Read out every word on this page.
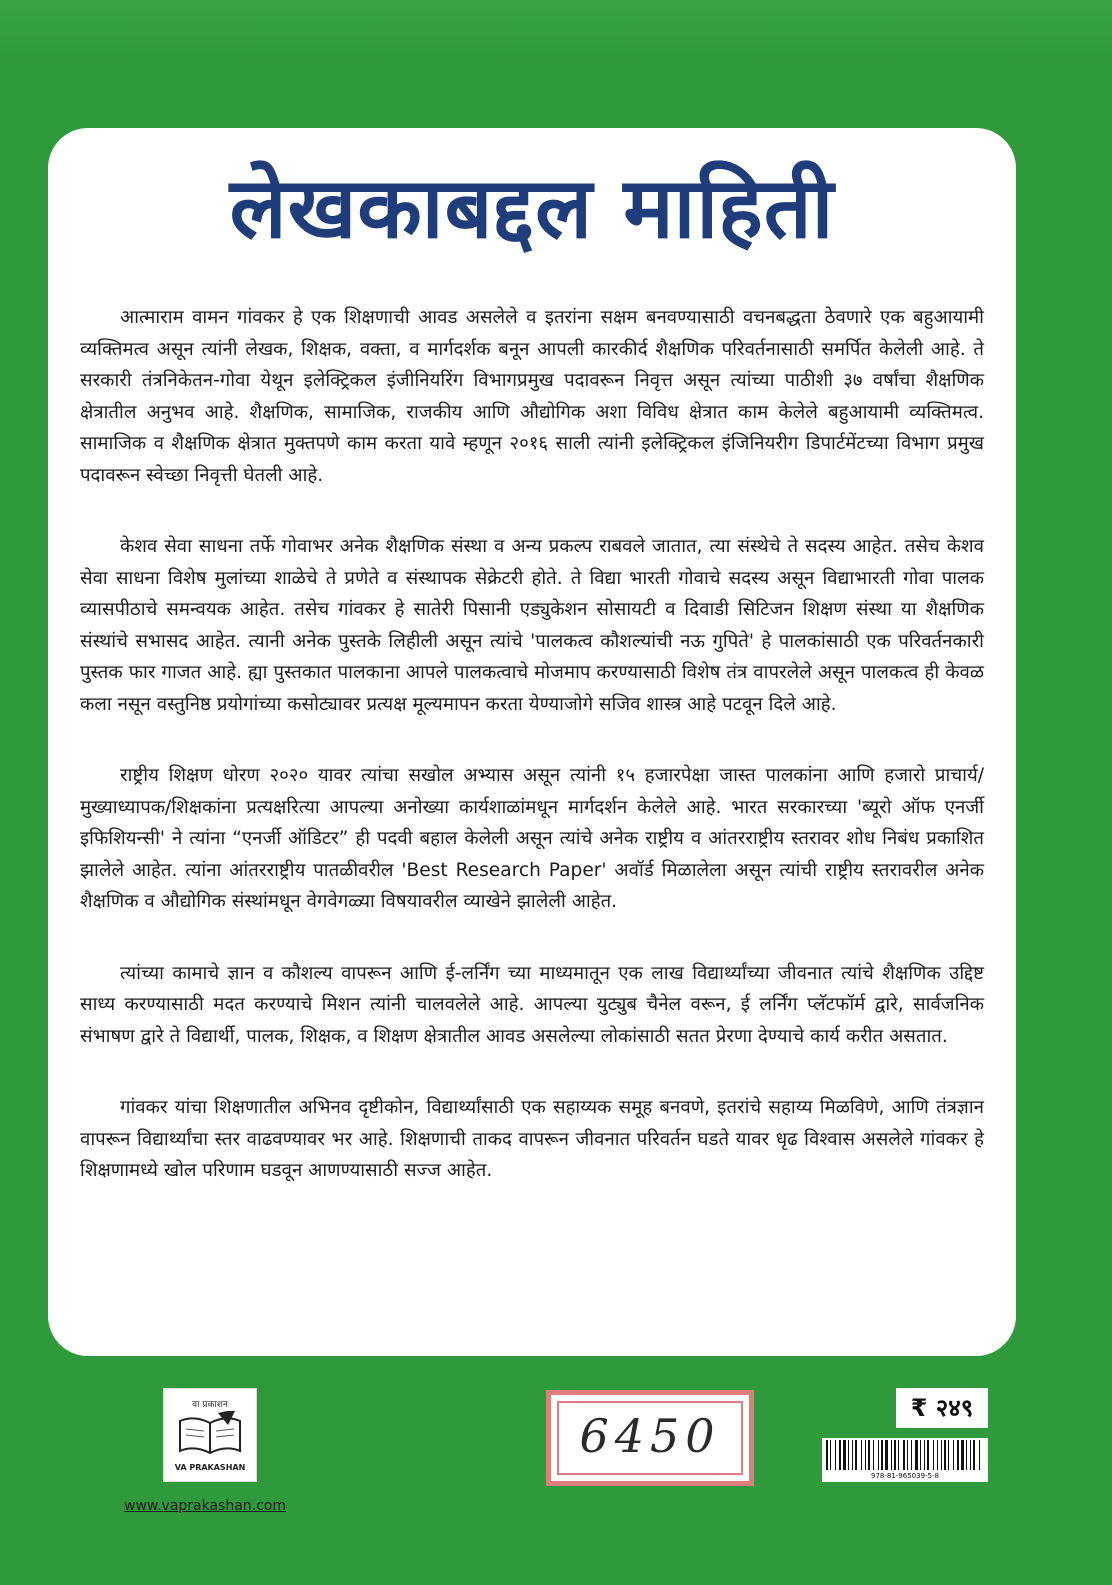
लेखकाबद्दल माहिती

आत्माराम वामन गांवकर हे एक शिक्षणाची आवड असलेले व इतरांना सक्षम बनवण्यासाठी वचनबद्धता ठेवणारे एक बहुआयामी व्यक्तिमत्व असून त्यांनी लेखक, शिक्षक, वक्ता, व मार्गदर्शक बनून आपली कारकीर्द शैक्षणिक परिवर्तनासाठी समर्पित केलेली आहे. ते सरकारी तंत्रनिकेतन-गोवा येथून इलेक्ट्रिकल इंजीनियरिंग विभागप्रमुख पदावरून निवृत्त असून त्यांच्या पाठीशी ३७ वर्षांचा शैक्षणिक क्षेत्रातील अनुभव आहे. शैक्षणिक, सामाजिक, राजकीय आणि औद्योगिक अशा विविध क्षेत्रात काम केलेले बहुआयामी व्यक्तिमत्व. सामाजिक व शैक्षणिक क्षेत्रात मुक्तपणे काम करता यावे म्हणून २०१६ साली त्यांनी इलेक्ट्रिकल इंजिनियरीग डिपार्टमेंटच्या विभाग प्रमुख पदावरून स्वेच्छा निवृत्ती घेतली आहे.

केशव सेवा साधना तर्फे गोवाभर अनेक शैक्षणिक संस्था व अन्य प्रकल्प राबवले जातात, त्या संस्थेचे ते सदस्य आहेत. तसेच केशव सेवा साधना विशेष मुलांच्या शाळेचे ते प्रणेते व संस्थापक सेक्रेटरी होते. ते विद्या भारती गोवाचे सदस्य असून विद्याभारती गोवा पालक व्यासपीठाचे समन्वयक आहेत. तसेच गांवकर हे सातेरी पिसानी एड्युकेशन सोसायटी व दिवाडी सिटिजन शिक्षण संस्था या शैक्षणिक संस्थांचे सभासद आहेत. त्यानी अनेक पुस्तके लिहीली असून त्यांचे 'पालकत्व कौशल्यांची नऊ गुपिते' हे पालकांसाठी एक परिवर्तनकारी पुस्तक फार गाजत आहे. ह्या पुस्तकात पालकाना आपले पालकत्वाचे मोजमाप करण्यासाठी विशेष तंत्र वापरलेले असून पालकत्व ही केवळ कला नसून वस्तुनिष्ठ प्रयोगांच्या कसोट्यावर प्रत्यक्ष मूल्यमापन करता येण्याजोगे सजिव शास्त्र आहे पटवून दिले आहे.

राष्ट्रीय शिक्षण धोरण २०२० यावर त्यांचा सखोल अभ्यास असून त्यांनी १५ हजारपेक्षा जास्त पालकांना आणि हजारो प्राचार्य/मुख्याध्यापक/शिक्षकांना प्रत्यक्षरित्या आपल्या अनोख्या कार्यशाळांमधून मार्गदर्शन केलेले आहे. भारत सरकारच्या 'ब्यूरो ऑफ एनर्जी इफिशियन्सी' ने त्यांना “एनर्जी ऑडिटर” ही पदवी बहाल केलेली असून त्यांचे अनेक राष्ट्रीय व आंतरराष्ट्रीय स्तरावर शोध निबंध प्रकाशित झालेले आहेत. त्यांना आंतरराष्ट्रीय पातळीवरील 'Best Research Paper' अवॉर्ड मिळालेला असून त्यांची राष्ट्रीय स्तरावरील अनेक शैक्षणिक व औद्योगिक संस्थांमधून वेगवेगळ्या विषयावरील व्याखेने झालेली आहेत.

त्यांच्या कामाचे ज्ञान व कौशल्य वापरून आणि ई-लर्निंग च्या माध्यमातून एक लाख विद्यार्थ्यांच्या जीवनात त्यांचे शैक्षणिक उद्दिष्ट साध्य करण्यासाठी मदत करण्याचे मिशन त्यांनी चालवलेले आहे. आपल्या युट्युब चैनेल वरून, ई लर्निंग प्लॅटफॉर्म द्वारे, सार्वजनिक संभाषण द्वारे ते विद्यार्थी, पालक, शिक्षक, व शिक्षण क्षेत्रातील आवड असलेल्या लोकांसाठी सतत प्रेरणा देण्याचे कार्य करीत असतात.

गांवकर यांचा शिक्षणातील अभिनव दृष्टीकोन, विद्यार्थ्यांसाठी एक सहाय्यक समूह बनवणे, इतरांचे सहाय्य मिळविणे, आणि तंत्रज्ञान वापरून विद्यार्थ्यांचा स्तर वाढवण्यावर भर आहे. शिक्षणाची ताकद वापरून जीवनात परिवर्तन घडते यावर धृढ विश्वास असलेले गांवकर हे शिक्षणामध्ये खोल परिणाम घडवून आणण्यासाठी सज्ज आहेत.

वा प्रकाशन
VA PRAKASHAN
www.vaprakashan.com
6450
₹ २४९
978-81-965039-5-8
